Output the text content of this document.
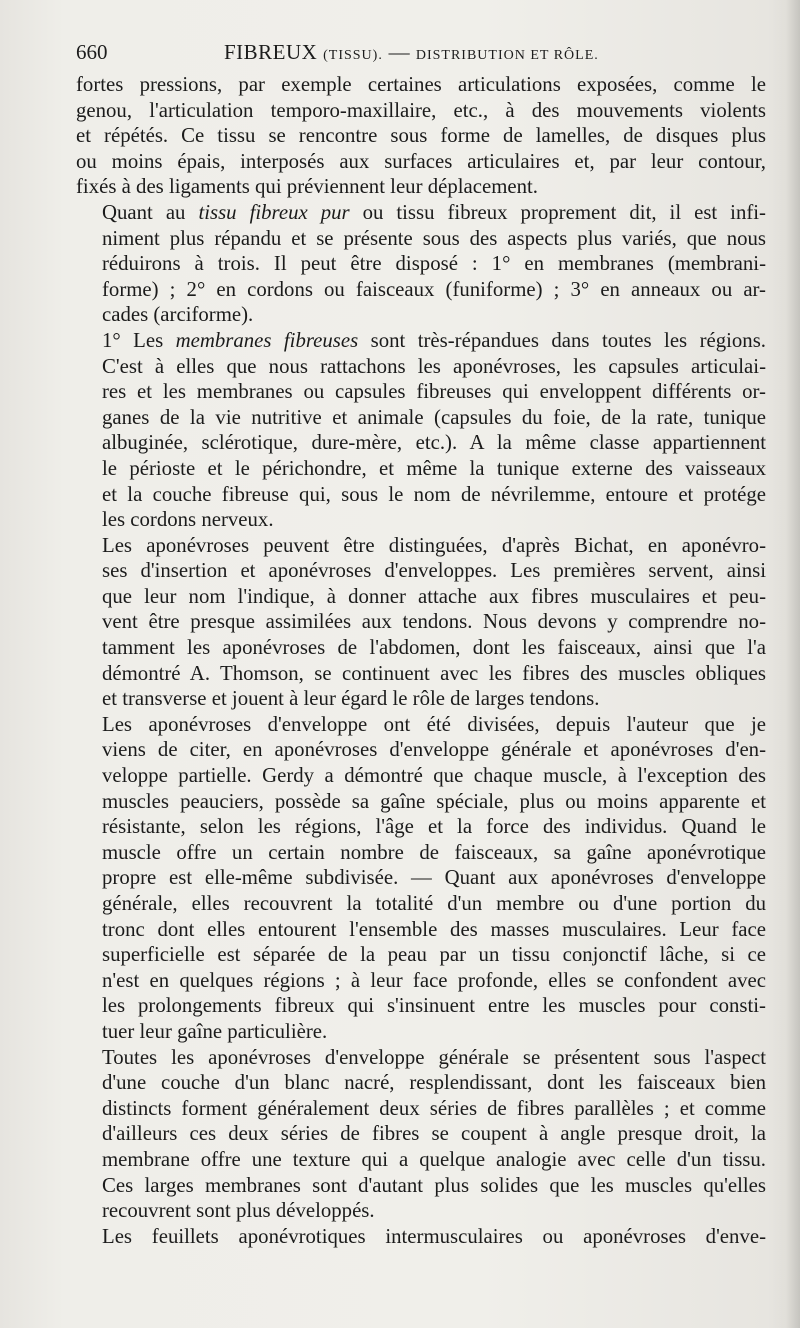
660	FIBREUX (TISSU). — DISTRIBUTION ET RÔLE.
fortes pressions, par exemple certaines articulations exposées, comme le
genou, l'articulation temporo-maxillaire, etc., à des mouvements violents
et répétés. Ce tissu se rencontre sous forme de lamelles, de disques plus
ou moins épais, interposés aux surfaces articulaires et, par leur contour,
fixés à des ligaments qui préviennent leur déplacement.
Quant au tissu fibreux pur ou tissu fibreux proprement dit, il est infi-
niment plus répandu et se présente sous des aspects plus variés, que nous
réduirons à trois. Il peut être disposé : 1° en membranes (membrani-
forme) ; 2° en cordons ou faisceaux (funiforme) ; 3° en anneaux ou ar-
cades (arciforme).
1° Les membranes fibreuses sont très-répandues dans toutes les régions.
C'est à elles que nous rattachons les aponévroses, les capsules articulai-
res et les membranes ou capsules fibreuses qui enveloppent différents or-
ganes de la vie nutritive et animale (capsules du foie, de la rate, tunique
albuginée, sclérotique, dure-mère, etc.). A la même classe appartiennent
le périoste et le périchondre, et même la tunique externe des vaisseaux
et la couche fibreuse qui, sous le nom de névrilemme, entoure et protége
les cordons nerveux.
Les aponévroses peuvent être distinguées, d'après Bichat, en aponévro-
ses d'insertion et aponévroses d'enveloppes. Les premières servent, ainsi
que leur nom l'indique, à donner attache aux fibres musculaires et peu-
vent être presque assimilées aux tendons. Nous devons y comprendre no-
tamment les aponévroses de l'abdomen, dont les faisceaux, ainsi que l'a
démontré A. Thomson, se continuent avec les fibres des muscles obliques
et transverse et jouent à leur égard le rôle de larges tendons.
Les aponévroses d'enveloppe ont été divisées, depuis l'auteur que je
viens de citer, en aponévroses d'enveloppe générale et aponévroses d'en-
veloppe partielle. Gerdy a démontré que chaque muscle, à l'exception des
muscles peauciers, possède sa gaîne spéciale, plus ou moins apparente et
résistante, selon les régions, l'âge et la force des individus. Quand le
muscle offre un certain nombre de faisceaux, sa gaîne aponévrotique
propre est elle-même subdivisée. — Quant aux aponévroses d'enveloppe
générale, elles recouvrent la totalité d'un membre ou d'une portion du
tronc dont elles entourent l'ensemble des masses musculaires. Leur face
superficielle est séparée de la peau par un tissu conjonctif lâche, si ce
n'est en quelques régions ; à leur face profonde, elles se confondent avec
les prolongements fibreux qui s'insinuent entre les muscles pour consti-
tuer leur gaîne particulière.
Toutes les aponévroses d'enveloppe générale se présentent sous l'aspect
d'une couche d'un blanc nacré, resplendissant, dont les faisceaux bien
distincts forment généralement deux séries de fibres parallèles ; et comme
d'ailleurs ces deux séries de fibres se coupent à angle presque droit, la
membrane offre une texture qui a quelque analogie avec celle d'un tissu.
Ces larges membranes sont d'autant plus solides que les muscles qu'elles
recouvrent sont plus développés.
Les feuillets aponévrotiques intermusculaires ou aponévroses d'enve-
